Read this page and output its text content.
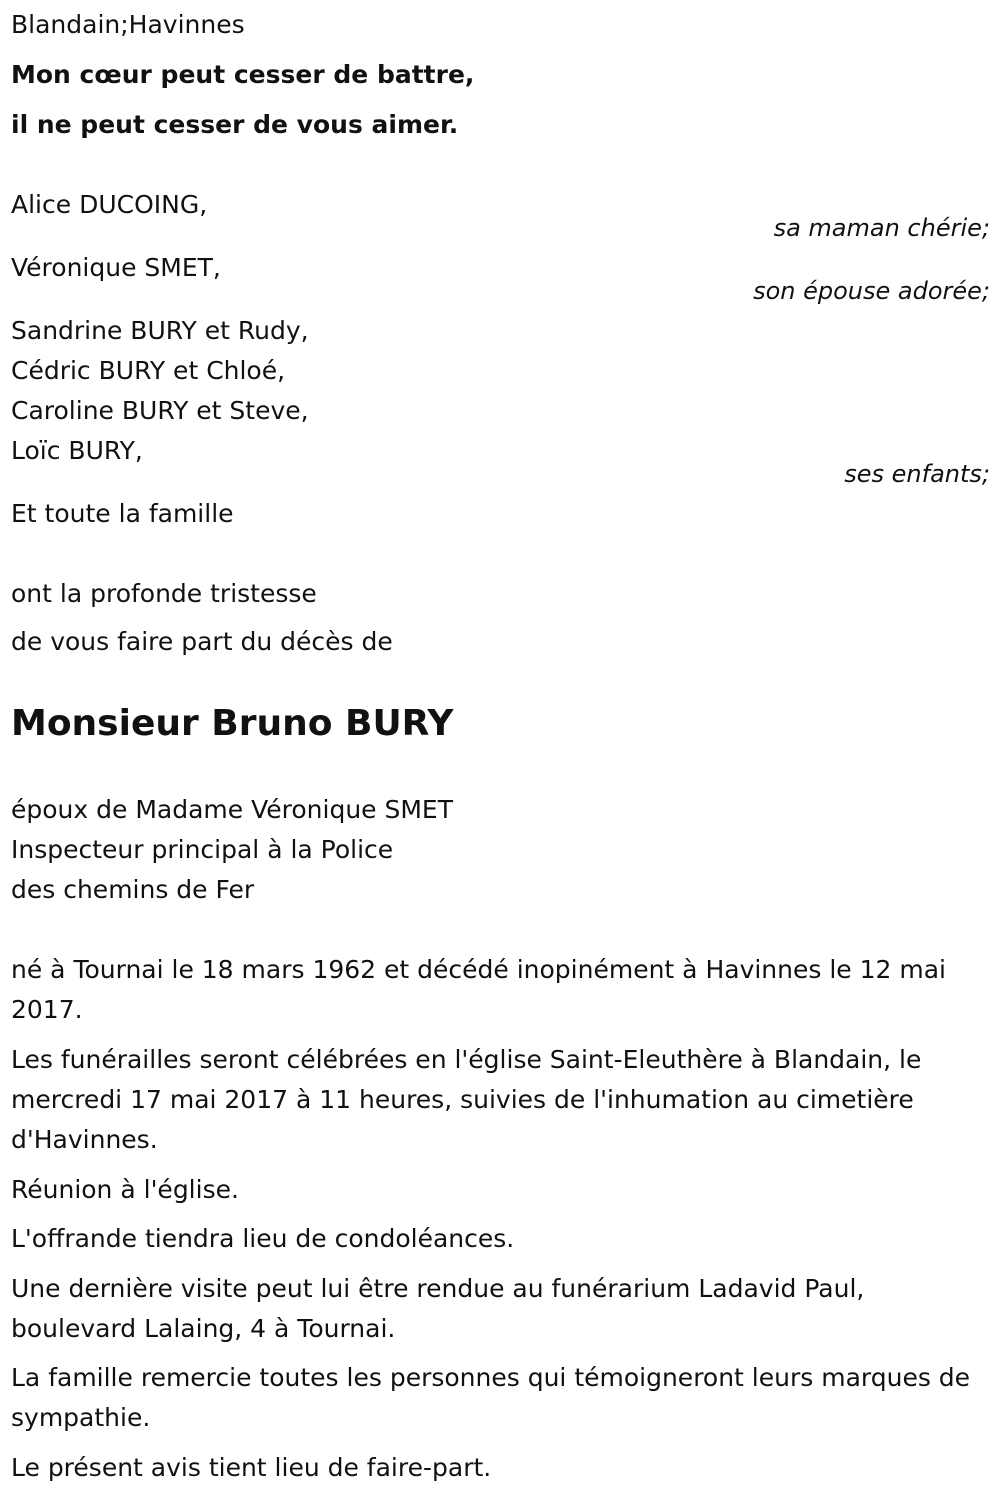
Blandain;Havinnes
Mon cœur peut cesser de battre,
il ne peut cesser de vous aimer.
Alice DUCOING,
sa maman chérie;
Véronique SMET,
son épouse adorée;
Sandrine BURY et Rudy,
Cédric BURY et Chloé,
Caroline BURY et Steve,
Loïc BURY,
ses enfants;
Et toute la famille
ont la profonde tristesse
de vous faire part du décès de
Monsieur Bruno BURY
époux de Madame Véronique SMET
Inspecteur principal à la Police
des chemins de Fer

né à Tournai le 18 mars 1962 et décédé inopinément à Havinnes le 12 mai 2017.

Les funérailles seront célébrées en l'église Saint-Eleuthère à Blandain, le mercredi 17 mai 2017 à 11 heures, suivies de l'inhumation au cimetière d'Havinnes.

Réunion à l'église.

L'offrande tiendra lieu de condoléances.

Une dernière visite peut lui être rendue au funérarium Ladavid Paul, boulevard Lalaing, 4 à Tournai.

La famille remercie toutes les personnes qui témoigneront leurs marques de sympathie.

Le présent avis tient lieu de faire-part.
